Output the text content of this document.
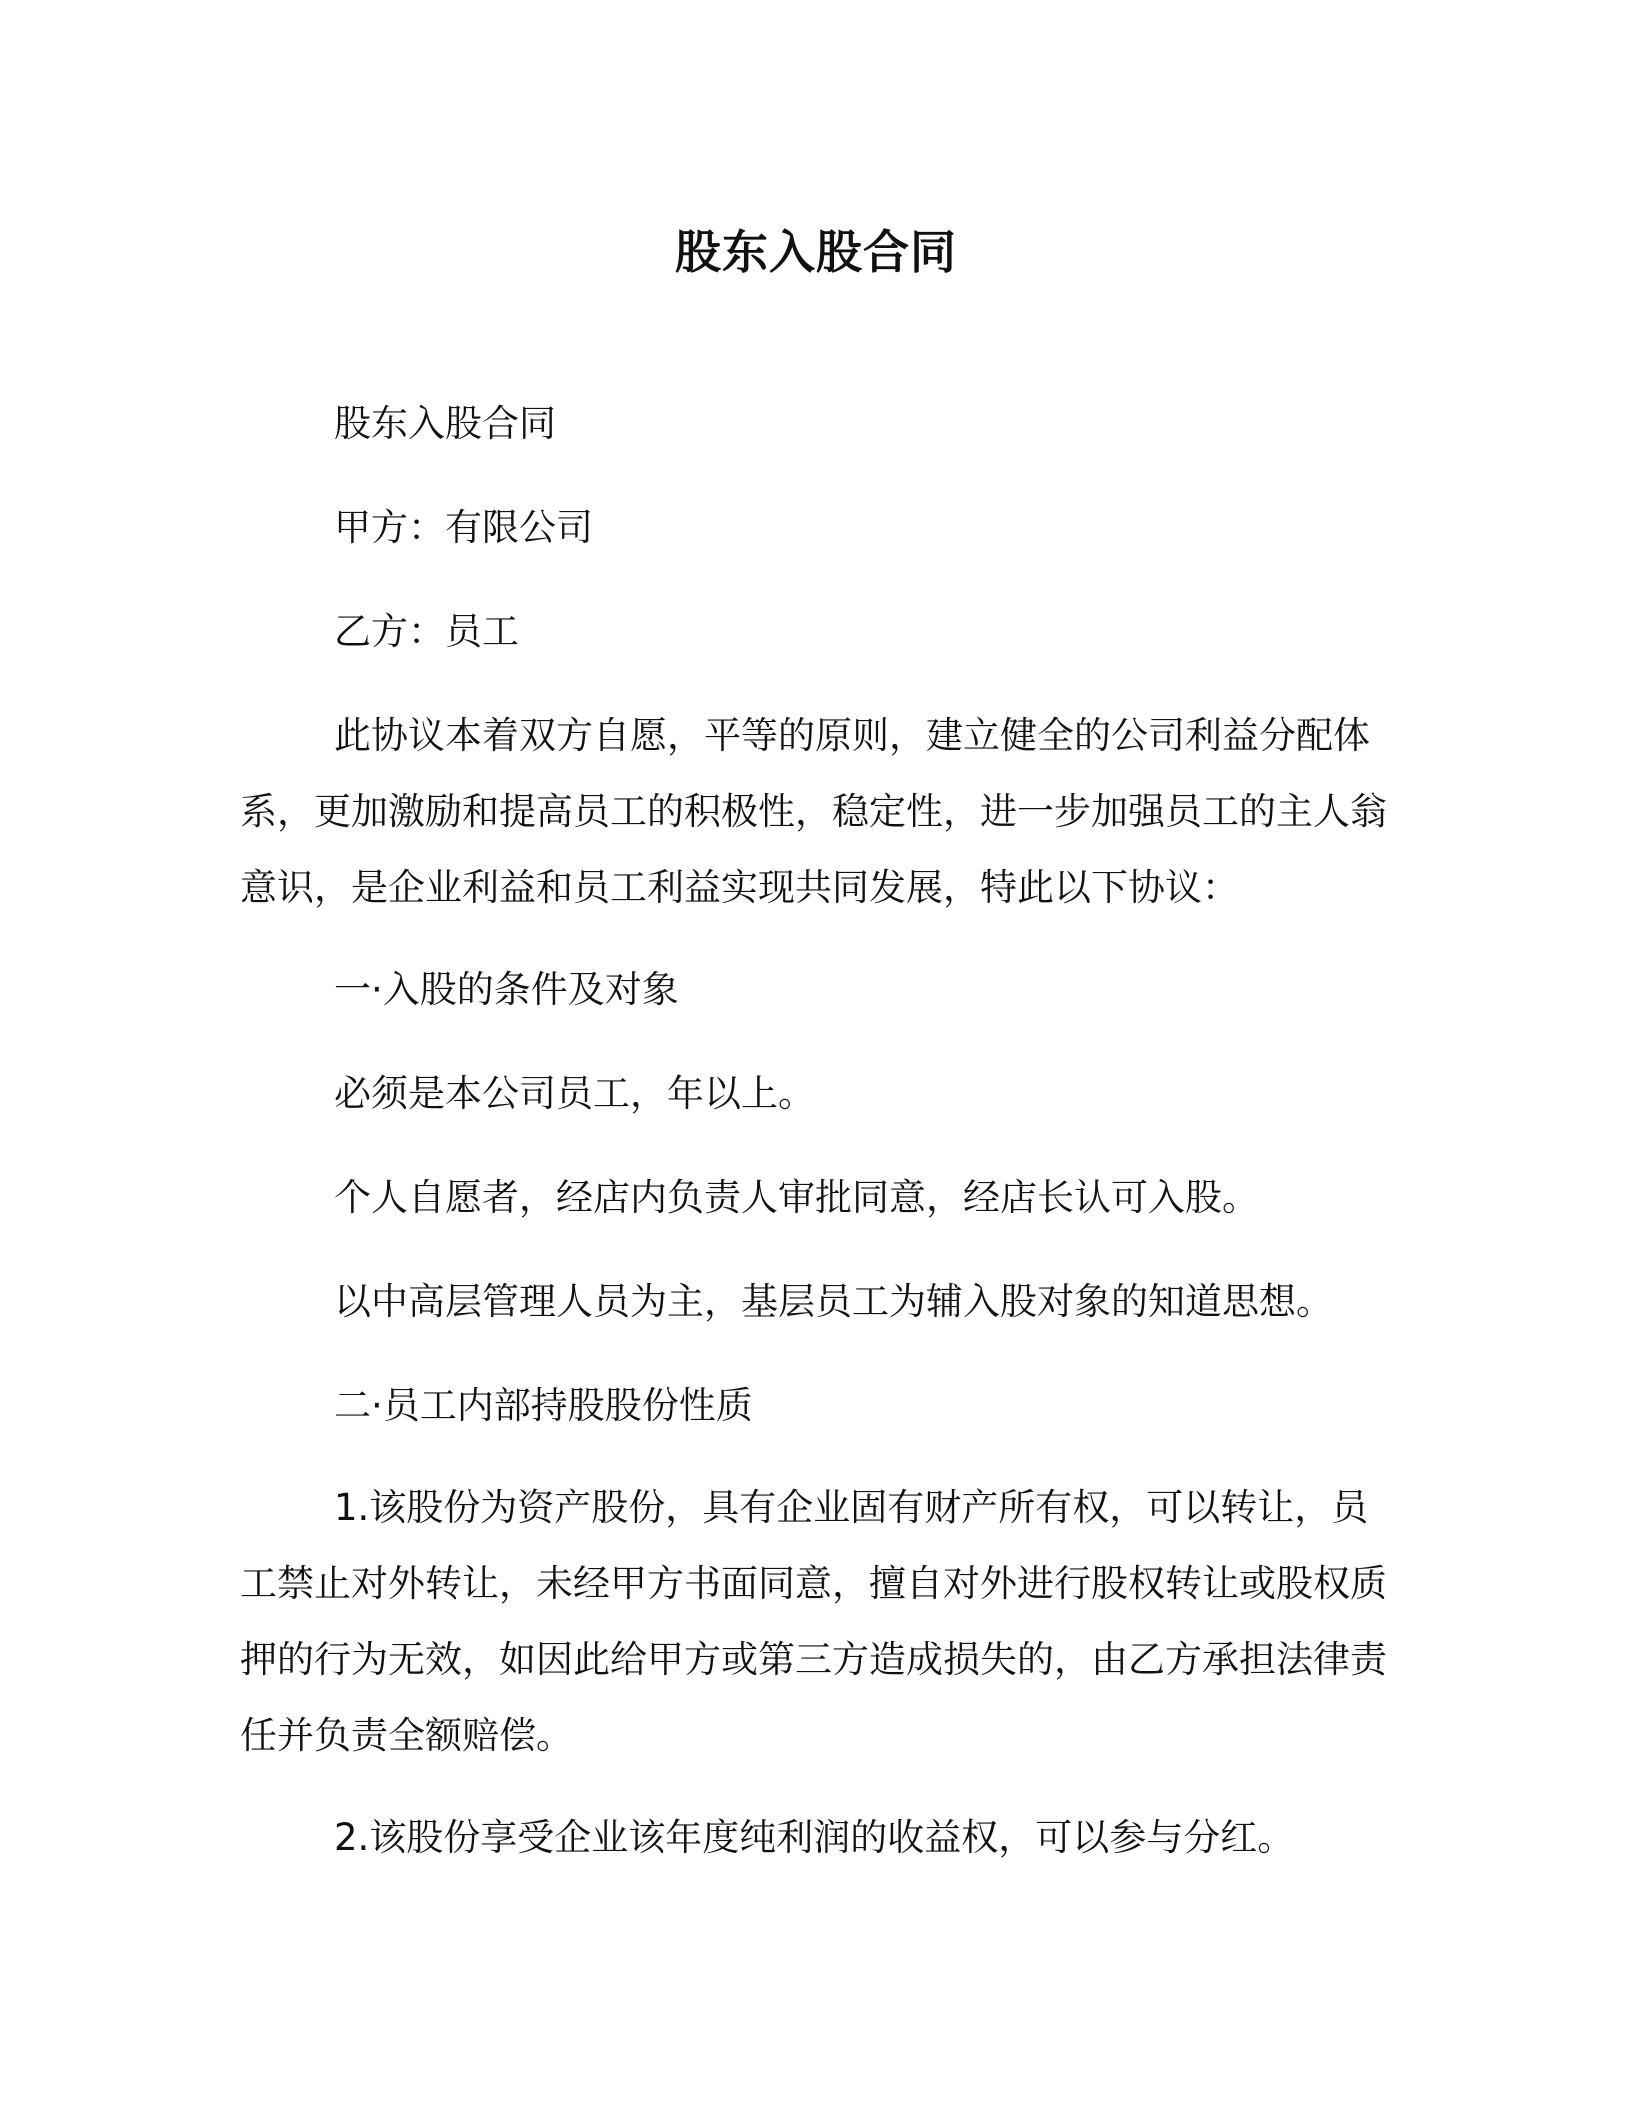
股东入股合同

股东入股合同

甲方：有限公司

乙方：员工

此协议本着双方自愿，平等的原则，建立健全的公司利益分配体系，更加激励和提高员工的积极性，稳定性，进一步加强员工的主人翁意识，是企业利益和员工利益实现共同发展，特此以下协议：

一·入股的条件及对象

必须是本公司员工，年以上。

个人自愿者，经店内负责人审批同意，经店长认可入股。

以中高层管理人员为主，基层员工为辅入股对象的知道思想。

二·员工内部持股股份性质

1.该股份为资产股份，具有企业固有财产所有权，可以转让，员工禁止对外转让，未经甲方书面同意，擅自对外进行股权转让或股权质押的行为无效，如因此给甲方或第三方造成损失的，由乙方承担法律责任并负责全额赔偿。

2.该股份享受企业该年度纯利润的收益权，可以参与分红。
